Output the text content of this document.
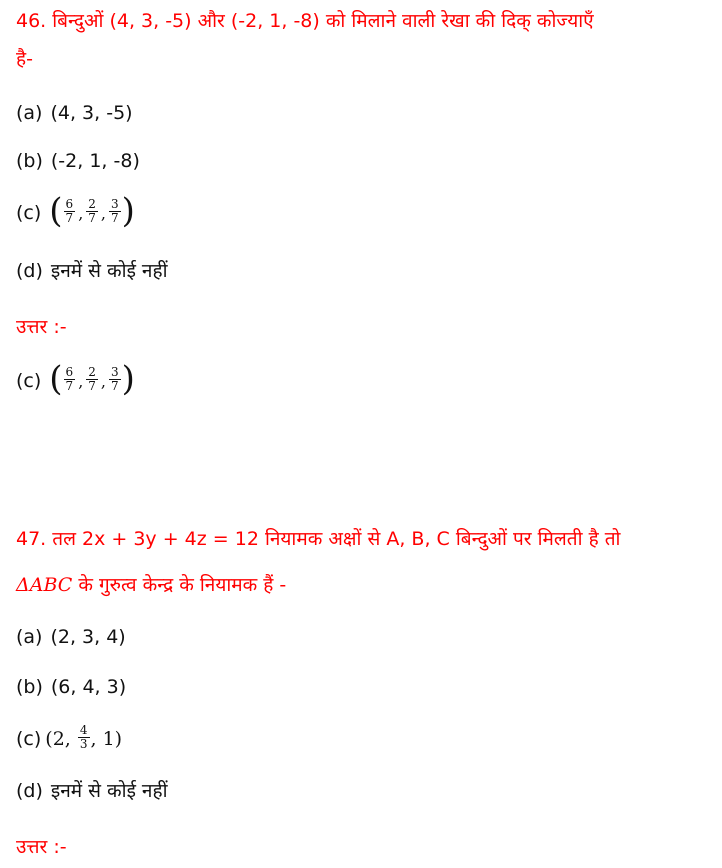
46. बिन्दुओं (4, 3, -5) और (-2, 1, -8) को मिलाने वाली रेखा की दिक् कोज्याएँ
है-
(a) (4, 3, -5)
(b) (-2, 1, -8)
(c) ( $\frac{6}{7}$ , $\frac{2}{7}$ , $\frac{3}{7}$ )
(d) इनमें से कोई नहीं
उत्तर :-
(c) ( $\frac{6}{7}$ , $\frac{2}{7}$ , $\frac{3}{7}$ )
47. तल 2x + 3y + 4z = 12 नियामक अक्षों से A, B, C बिन्दुओं पर मिलती है तो
ΔABC के गुरुत्व केन्द्र के नियामक हैं -
(a) (2, 3, 4)
(b) (6, 4, 3)
(c) (2, $\frac{4}{3}$ , 1)
(d) इनमें से कोई नहीं
उत्तर :-
